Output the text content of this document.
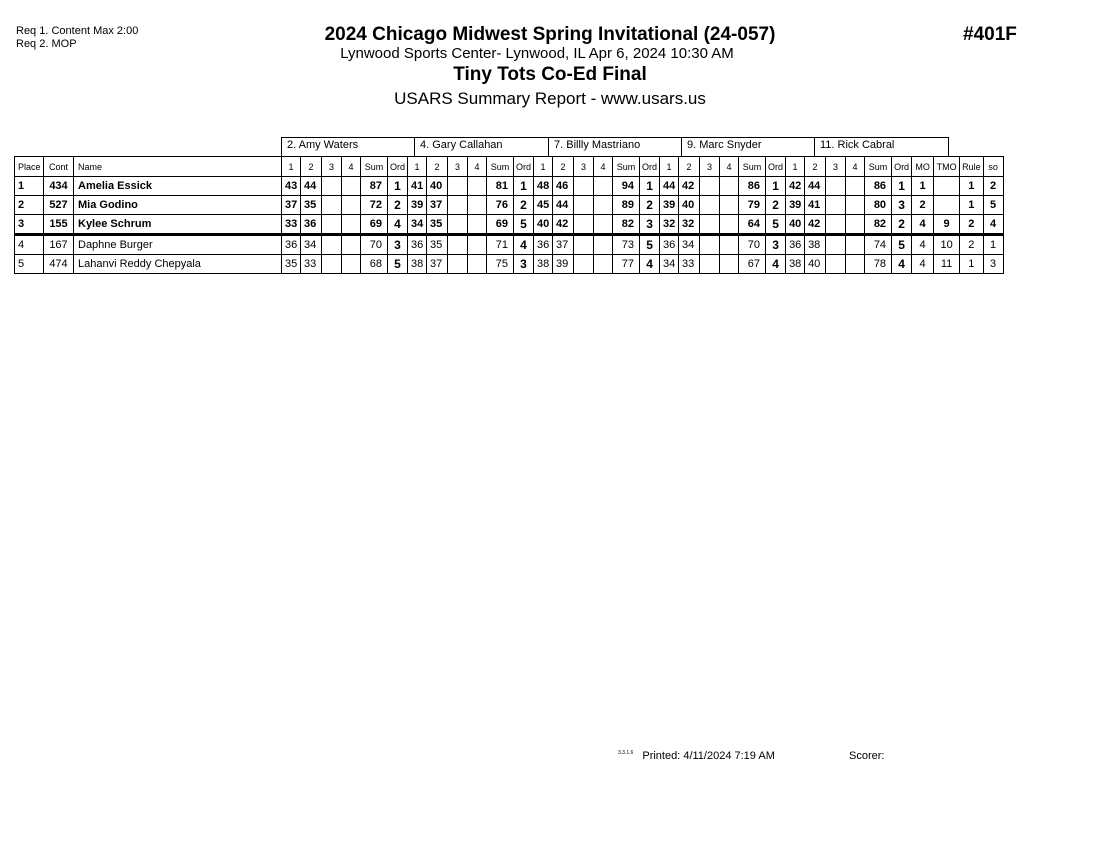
Req 1. Content Max 2:00
Req 2. MOP	2024 Chicago Midwest Spring Invitational (24-057)
Lynwood Sports Center- Lynwood, IL Apr 6, 2024 10:30 AM
Tiny Tots Co-Ed Final
USARS Summary Report - www.usars.us
#401F
2. Amy Waters	4. Gary Callahan	7. Billly Mastriano	9. Marc Snyder	11. Rick Cabral
Place	Cont	Name	1	2	3	4	Sum	Ord	1	2	3	4	Sum	Ord	1	2	3	4	Sum	Ord	1	2	3	4	Sum	Ord	1	2	3	4	Sum	Ord	MO	TMO	Rule	so
1	434	Amelia Essick	43	44			87	1	41	40			81	1	48	46			94	1	44	42			86	1	42	44			86	1	1		1	2
2	527	Mia Godino	37	35			72	2	39	37			76	2	45	44			89	2	39	40			79	2	39	41			80	3	2		1	5
3	155	Kylee Schrum	33	36			69	4	34	35			69	5	40	42			82	3	32	32			64	5	40	42			82	2	4	9	2	4
4	167	Daphne Burger	36	34			70	3	36	35			71	4	36	37			73	5	36	34			70	3	36	38			74	5	4	10	2	1
5	474	Lahanvi Reddy Chepyala	35	33			68	5	38	37			75	3	38	39			77	4	34	33			67	4	38	40			78	4	4	11	1	3
$^{3.3.1.6}$ Printed: 4/11/2024 7:19 AM	Scorer:
